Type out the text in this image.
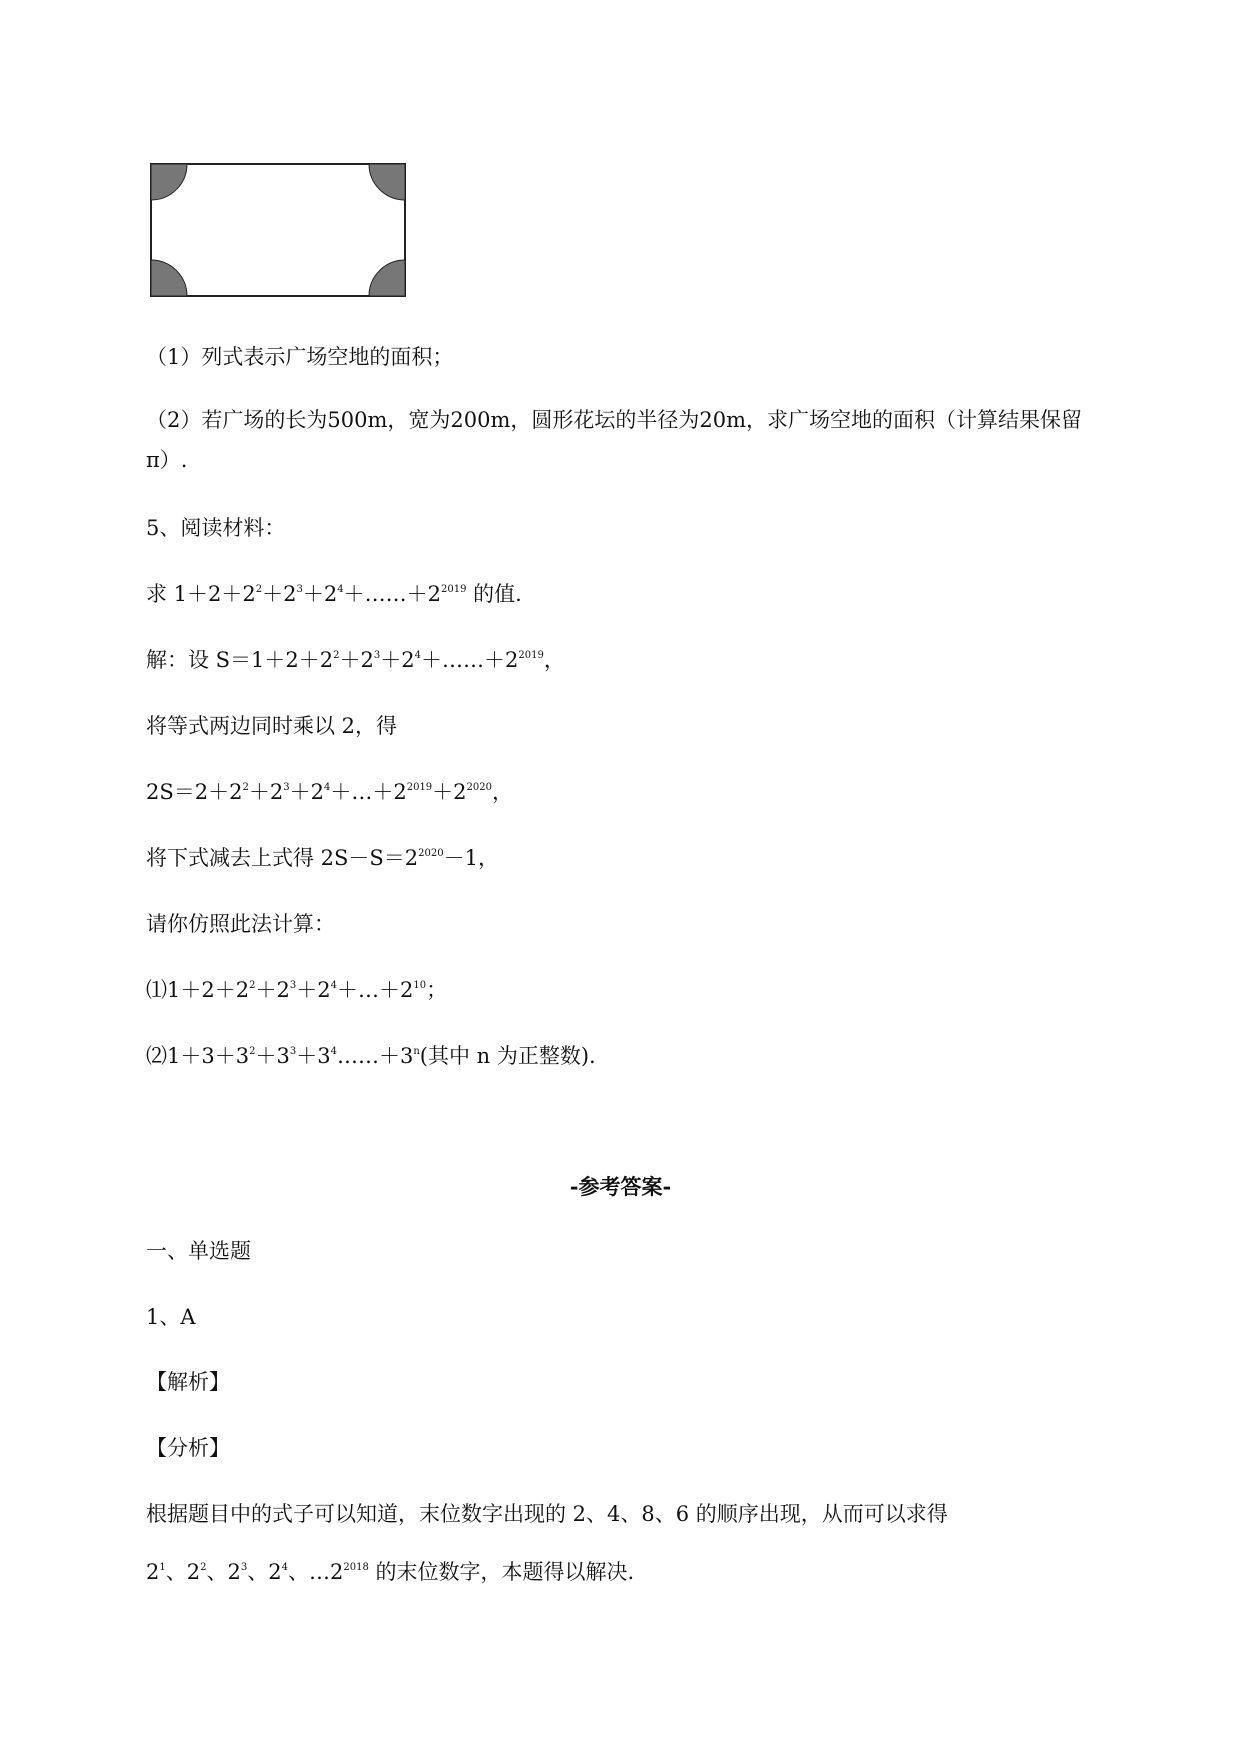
（1）列式表示广场空地的面积；
（2）若广场的长为500m，宽为200m，圆形花坛的半径为20m，求广场空地的面积（计算结果保留
π）.
5、阅读材料：
求 $1+2+2^2+2^3+2^4+\dots\dots+2^{2019}$ 的值.
解：设 $S=1+2+2^2+2^3+2^4+\dots\dots+2^{2019}$，
将等式两边同时乘以 2，得
$2S=2+2^2+2^3+2^4+\dots+2^{2019}+2^{2020}$，
将下式减去上式得 $2S-S=2^{2020}-1$，
请你仿照此法计算：
$⑴1+2+2^2+2^3+2^4+\dots+2^{10}$；
$⑵1+3+3^2+3^3+3^4\dots\dots+3^n$(其中 n 为正整数).
-参考答案-
一、单选题
1、A
【解析】
【分析】
根据题目中的式子可以知道，末位数字出现的 2、4、8、6 的顺序出现，从而可以求得
$2^1$、$2^2$、$2^3$、$2^4$、$\dots 2^{2018}$ 的末位数字，本题得以解决.
